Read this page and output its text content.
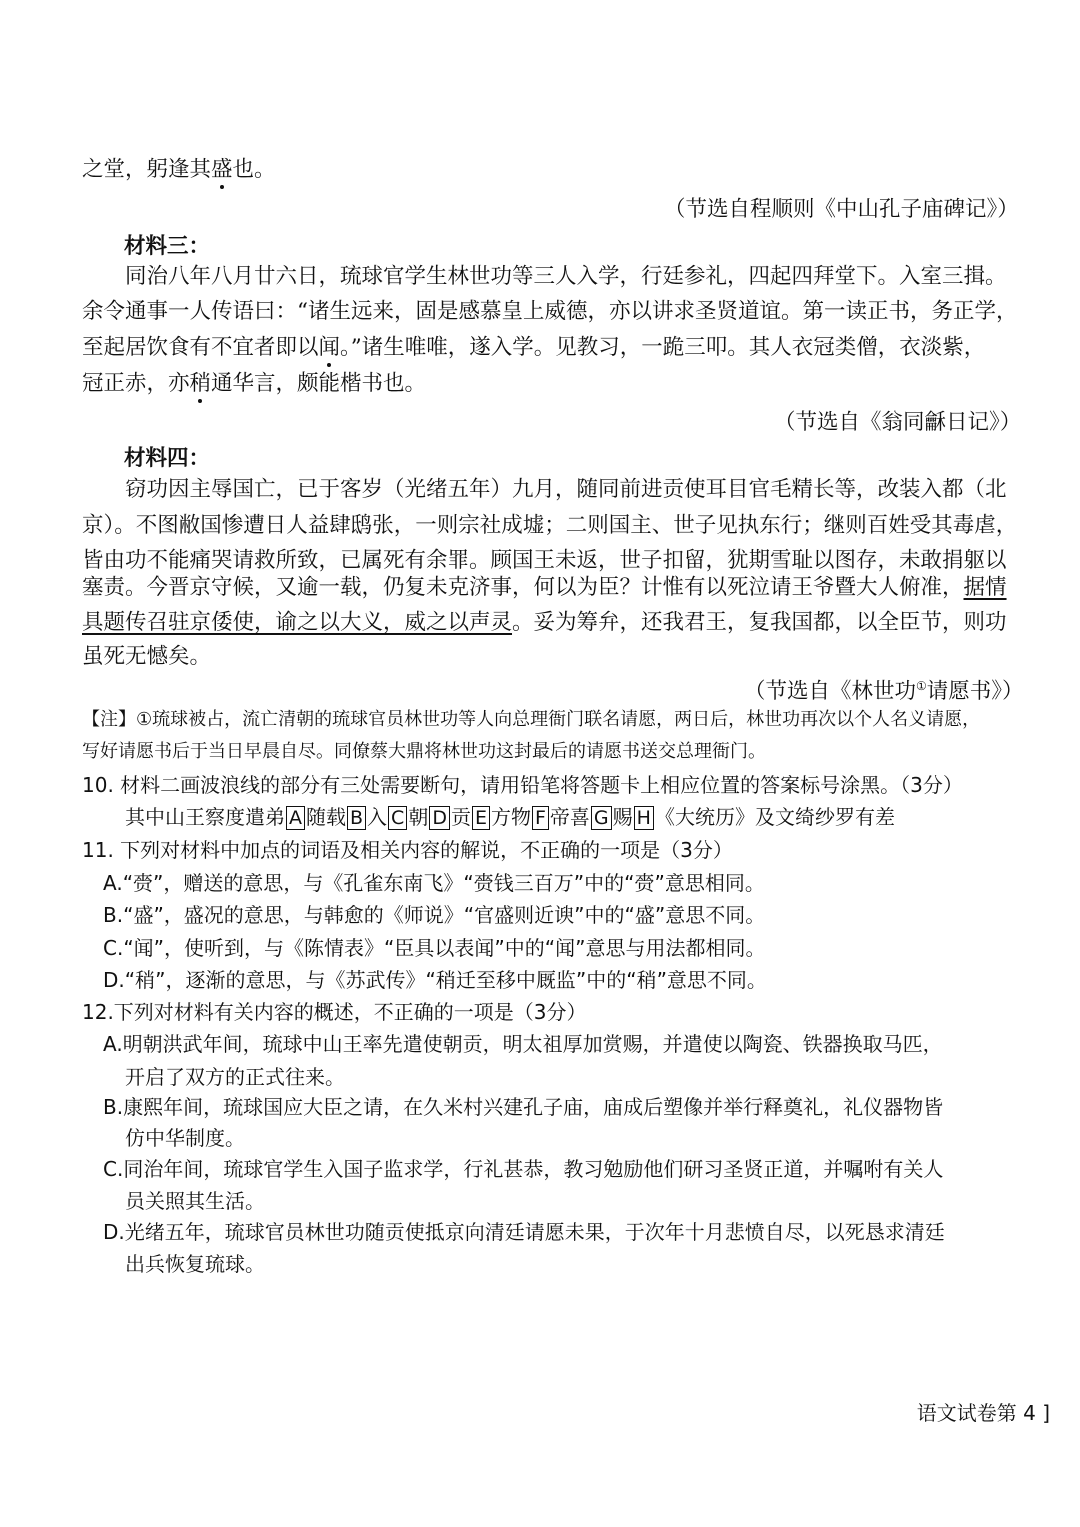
之堂，躬逢其盛也。
（节选自程顺则《中山孔子庙碑记》）
材料三：
　　同治八年八月廿六日，琉球官学生林世功等三人入学，行廷参礼，四起四拜堂下。入室三揖。
余令通事一人传语曰：“诸生远来，固是感慕皇上威德，亦以讲求圣贤道谊。第一读正书，务正学，
至起居饮食有不宜者即以闻。”诸生唯唯，遂入学。见教习，一跪三叩。其人衣冠类僧，衣淡紫，
冠正赤，亦稍通华言，颇能楷书也。
（节选自《翁同龢日记》）
材料四：
　　窃功因主辱国亡，已于客岁（光绪五年）九月，随同前进贡使耳目官毛精长等，改装入都（北
京）。不图敝国惨遭日人益肆鸱张，一则宗社成墟；二则国主、世子见执东行；继则百姓受其毒虐，
皆由功不能痛哭请救所致，已属死有余罪。顾国王未返，世子扣留，犹期雪耻以图存，未敢捐躯以
塞责。今晋京守候，又逾一载，仍复未克济事，何以为臣？计惟有以死泣请王爷暨大人俯准，据情
具题传召驻京倭使，谕之以大义，威之以声灵。妥为筹弁，还我君王，复我国都，以全臣节，则功
虽死无憾矣。
（节选自《林世功①请愿书》）
【注】①琉球被占，流亡清朝的琉球官员林世功等人向总理衙门联名请愿，两日后，林世功再次以个人名义请愿，
写好请愿书后于当日早晨自尽。同僚蔡大鼎将林世功这封最后的请愿书送交总理衙门。
10. 材料二画波浪线的部分有三处需要断句，请用铅笔将答题卡上相应位置的答案标号涂黑。（3分）
其中山王察度遣弟 A 随载 B 入 C 朝 D 贡 E 方物 F 帝喜 G 赐 H 《大统历》及文绮纱罗有差
11. 下列对材料中加点的词语及相关内容的解说，不正确的一项是（3分）
A.“赍”，赠送的意思，与《孔雀东南飞》“赍钱三百万”中的“赍”意思相同。
B.“盛”，盛况的意思，与韩愈的《师说》“官盛则近谀”中的“盛”意思不同。
C.“闻”，使听到，与《陈情表》“臣具以表闻”中的“闻”意思与用法都相同。
D.“稍”，逐渐的意思，与《苏武传》“稍迁至移中厩监”中的“稍”意思不同。
12.下列对材料有关内容的概述，不正确的一项是（3分）
A.明朝洪武年间，琉球中山王率先遣使朝贡，明太祖厚加赏赐，并遣使以陶瓷、铁器换取马匹，
开启了双方的正式往来。
B.康熙年间，琉球国应大臣之请，在久米村兴建孔子庙，庙成后塑像并举行释奠礼，礼仪器物皆
仿中华制度。
C.同治年间，琉球官学生入国子监求学，行礼甚恭，教习勉励他们研习圣贤正道，并嘱咐有关人
员关照其生活。
D.光绪五年，琉球官员林世功随贡使抵京向清廷请愿未果，于次年十月悲愤自尽，以死恳求清廷
出兵恢复琉球。
语文试卷第 4 ]
